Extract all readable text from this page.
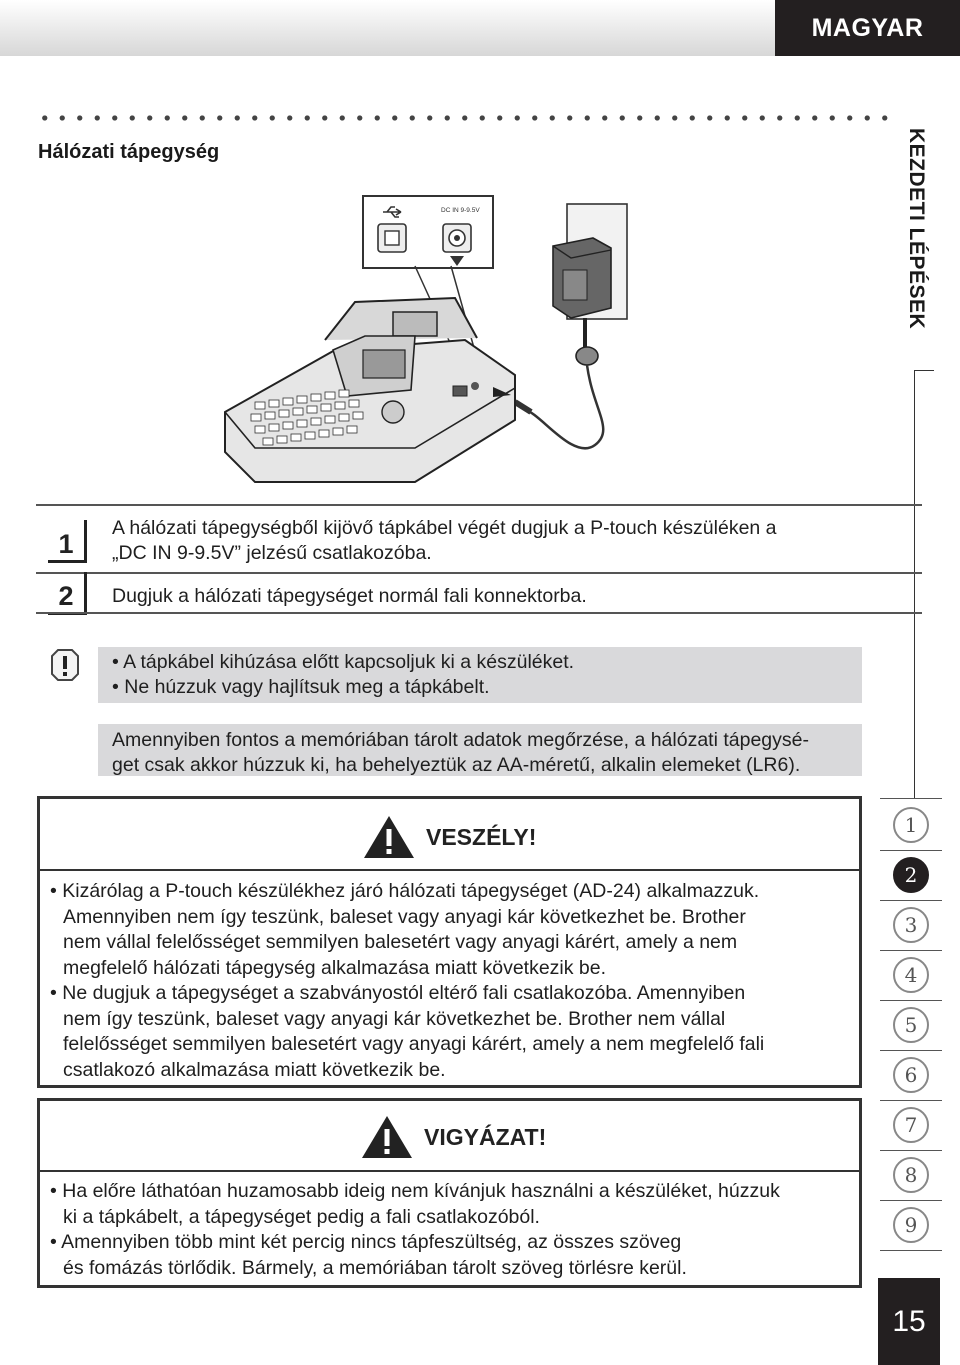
MAGYAR
Hálózati tápegység	KEZDETI LÉPÉSEK
DC IN 9-9.5V
1
A hálózati tápegységből kijövő tápkábel végét dugjuk a P-touch készüléken a
„DC IN 9-9.5V” jelzésű csatlakozóba.
2	Dugjuk a hálózati tápegységet normál fali konnektorba.
• A tápkábel kihúzása előtt kapcsoljuk ki a készüléket.
• Ne húzzuk vagy hajlítsuk meg a tápkábelt.
Amennyiben fontos a memóriában tárolt adatok megőrzése, a hálózati tápegysé-
get csak akkor húzzuk ki, ha behelyeztük az AA-méretű, alkalin elemeket (LR6).
VESZÉLY!
• Kizárólag a P-touch készülékhez járó hálózati tápegységet (AD-24) alkalmazzuk.
Amennyiben nem így teszünk, baleset vagy anyagi kár következhet be. Brother
nem vállal felelősséget semmilyen balesetért vagy anyagi kárért, amely a nem
megfelelő hálózati tápegység alkalmazása miatt következik be.
• Ne dugjuk a tápegységet a szabványostól eltérő fali csatlakozóba. Amennyiben
nem így teszünk, baleset vagy anyagi kár következhet be. Brother nem vállal
felelősséget semmilyen balesetért vagy anyagi kárért, amely a nem megfelelő fali
csatlakozó alkalmazása miatt következik be.
VIGYÁZAT!
• Ha előre láthatóan huzamosabb ideig nem kívánjuk használni a készüléket, húzzuk
ki a tápkábelt, a tápegységet pedig a fali csatlakozóból.
• Amennyiben több mint két percig nincs tápfeszültség, az összes szöveg
és fomázás törlődik. Bármely, a memóriában tárolt szöveg törlésre kerül.
1
2
3
4
5
6
7
8
9
15
